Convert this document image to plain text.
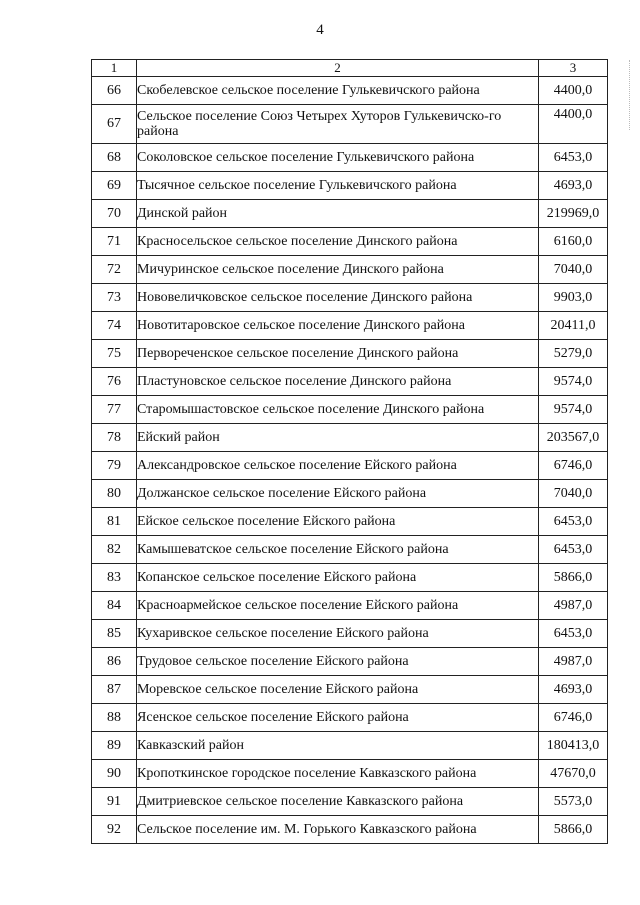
4
1	2	3
66	Скобелевское сельское поселение Гулькевичского района	4400,0
67	Сельское поселение Союз Четырех Хуторов Гулькевичско-го района	4400,0
68	Соколовское сельское поселение Гулькевичского района	6453,0
69	Тысячное сельское поселение Гулькевичского района	4693,0
70	Динской район	219969,0
71	Красносельское сельское поселение Динского района	6160,0
72	Мичуринское сельское поселение Динского района	7040,0
73	Нововеличковское сельское поселение Динского района	9903,0
74	Новотитаровское сельское поселение Динского района	20411,0
75	Первореченское сельское поселение Динского района	5279,0
76	Пластуновское сельское поселение Динского района	9574,0
77	Старомышастовское сельское поселение Динского района	9574,0
78	Ейский район	203567,0
79	Александровское сельское поселение Ейского района	6746,0
80	Должанское сельское поселение Ейского района	7040,0
81	Ейское сельское поселение Ейского района	6453,0
82	Камышеватское сельское поселение Ейского района	6453,0
83	Копанское сельское поселение Ейского района	5866,0
84	Красноармейское сельское поселение Ейского района	4987,0
85	Кухаривское сельское поселение Ейского района	6453,0
86	Трудовое сельское поселение Ейского района	4987,0
87	Моревское сельское поселение Ейского района	4693,0
88	Ясенское сельское поселение Ейского района	6746,0
89	Кавказский район	180413,0
90	Кропоткинское городское поселение Кавказского района	47670,0
91	Дмитриевское сельское поселение Кавказского района	5573,0
92	Сельское поселение им. М. Горького Кавказского района	5866,0
